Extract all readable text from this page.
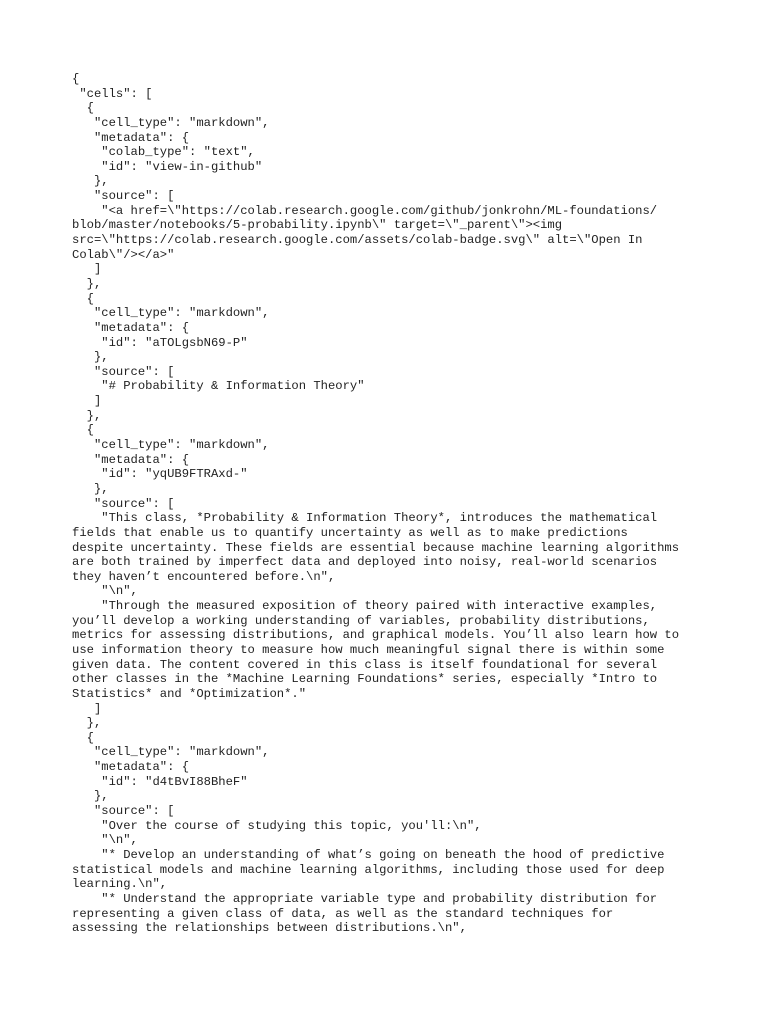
{
"cells": [
{
"cell_type": "markdown",
"metadata": {
"colab_type": "text",
"id": "view-in-github"
},
"source": [
"<a href=\"https://colab.research.google.com/github/jonkrohn/ML-foundations/
blob/master/notebooks/5-probability.ipynb\" target=\"_parent\"><img
src=\"https://colab.research.google.com/assets/colab-badge.svg\" alt=\"Open In
Colab\"/></a>"
]
},
{
"cell_type": "markdown",
"metadata": {
"id": "aTOLgsbN69-P"
},
"source": [
"# Probability & Information Theory"
]
},
{
"cell_type": "markdown",
"metadata": {
"id": "yqUB9FTRAxd-"
},
"source": [
"This class, *Probability & Information Theory*, introduces the mathematical
fields that enable us to quantify uncertainty as well as to make predictions
despite uncertainty. These fields are essential because machine learning algorithms
are both trained by imperfect data and deployed into noisy, real-world scenarios
they haven’t encountered before.\n",
"\n",
"Through the measured exposition of theory paired with interactive examples,
you’ll develop a working understanding of variables, probability distributions,
metrics for assessing distributions, and graphical models. You’ll also learn how to
use information theory to measure how much meaningful signal there is within some
given data. The content covered in this class is itself foundational for several
other classes in the *Machine Learning Foundations* series, especially *Intro to
Statistics* and *Optimization*."
]
},
{
"cell_type": "markdown",
"metadata": {
"id": "d4tBvI88BheF"
},
"source": [
"Over the course of studying this topic, you'll:\n",
"\n",
"* Develop an understanding of what’s going on beneath the hood of predictive
statistical models and machine learning algorithms, including those used for deep
learning.\n",
"* Understand the appropriate variable type and probability distribution for
representing a given class of data, as well as the standard techniques for
assessing the relationships between distributions.\n",
